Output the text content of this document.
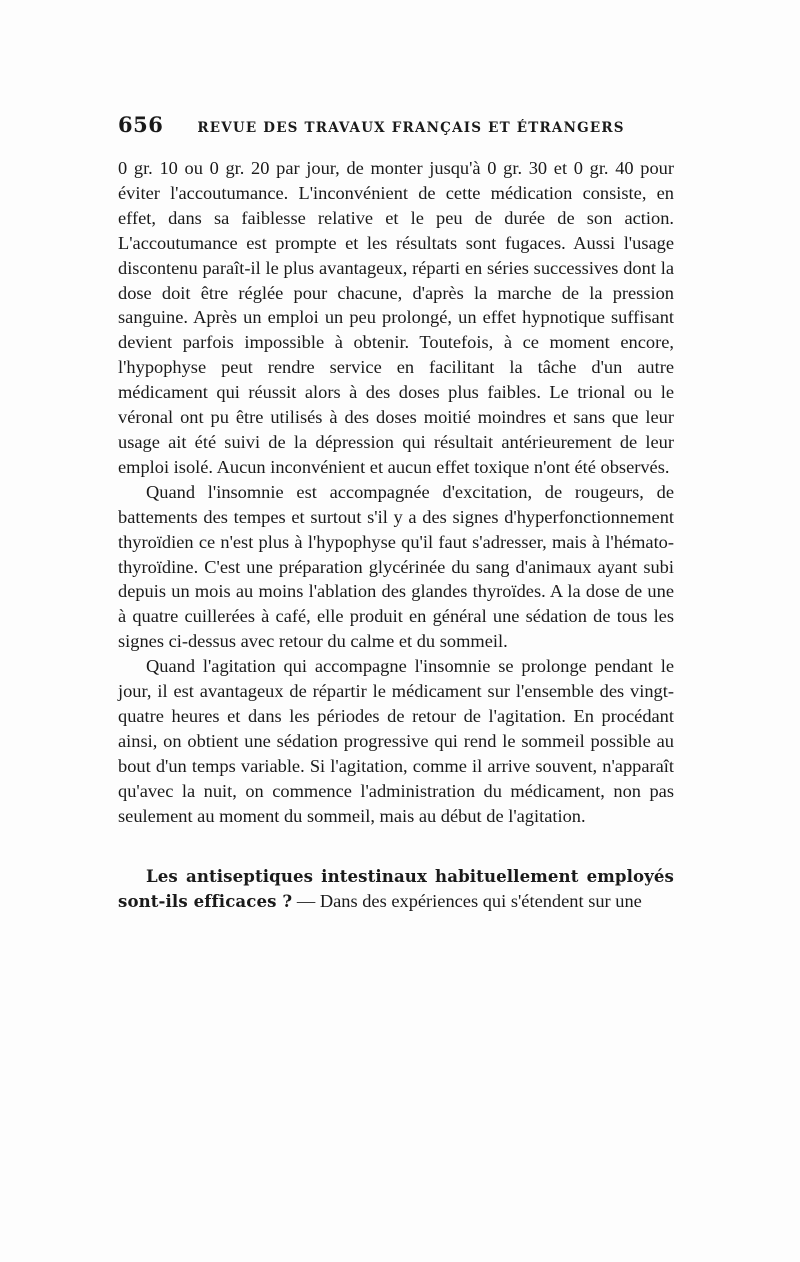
656	REVUE DES TRAVAUX FRANÇAIS ET ÉTRANGERS

0 gr. 10 ou 0 gr. 20 par jour, de monter jusqu'à 0 gr. 30 et 0 gr. 40 pour éviter l'accoutumance. L'inconvénient de cette médication consiste, en effet, dans sa faiblesse relative et le peu de durée de son action. L'accoutumance est prompte et les résultats sont fugaces. Aussi l'usage discontenu paraît-il le plus avantageux, réparti en séries successives dont la dose doit être réglée pour chacune, d'après la marche de la pression sanguine. Après un emploi un peu prolongé, un effet hypnotique suffisant devient parfois impossible à obtenir. Toutefois, à ce moment encore, l'hypophyse peut rendre service en facilitant la tâche d'un autre médicament qui réussit alors à des doses plus faibles. Le trional ou le véronal ont pu être utilisés à des doses moitié moindres et sans que leur usage ait été suivi de la dépression qui résultait antérieurement de leur emploi isolé. Aucun inconvénient et aucun effet toxique n'ont été observés.

Quand l'insomnie est accompagnée d'excitation, de rougeurs, de battements des tempes et surtout s'il y a des signes d'hyperfonctionnement thyroïdien ce n'est plus à l'hypophyse qu'il faut s'adresser, mais à l'hémato-thyroïdine. C'est une préparation glycérinée du sang d'animaux ayant subi depuis un mois au moins l'ablation des glandes thyroïdes. A la dose de une à quatre cuillerées à café, elle produit en général une sédation de tous les signes ci-dessus avec retour du calme et du sommeil.

Quand l'agitation qui accompagne l'insomnie se prolonge pendant le jour, il est avantageux de répartir le médicament sur l'ensemble des vingt-quatre heures et dans les périodes de retour de l'agitation. En procédant ainsi, on obtient une sédation progressive qui rend le sommeil possible au bout d'un temps variable. Si l'agitation, comme il arrive souvent, n'apparaît qu'avec la nuit, on commence l'administration du médicament, non pas seulement au moment du sommeil, mais au début de l'agitation.

Les antiseptiques intestinaux habituellement employés sont-ils efficaces ? — Dans des expériences qui s'étendent sur une
